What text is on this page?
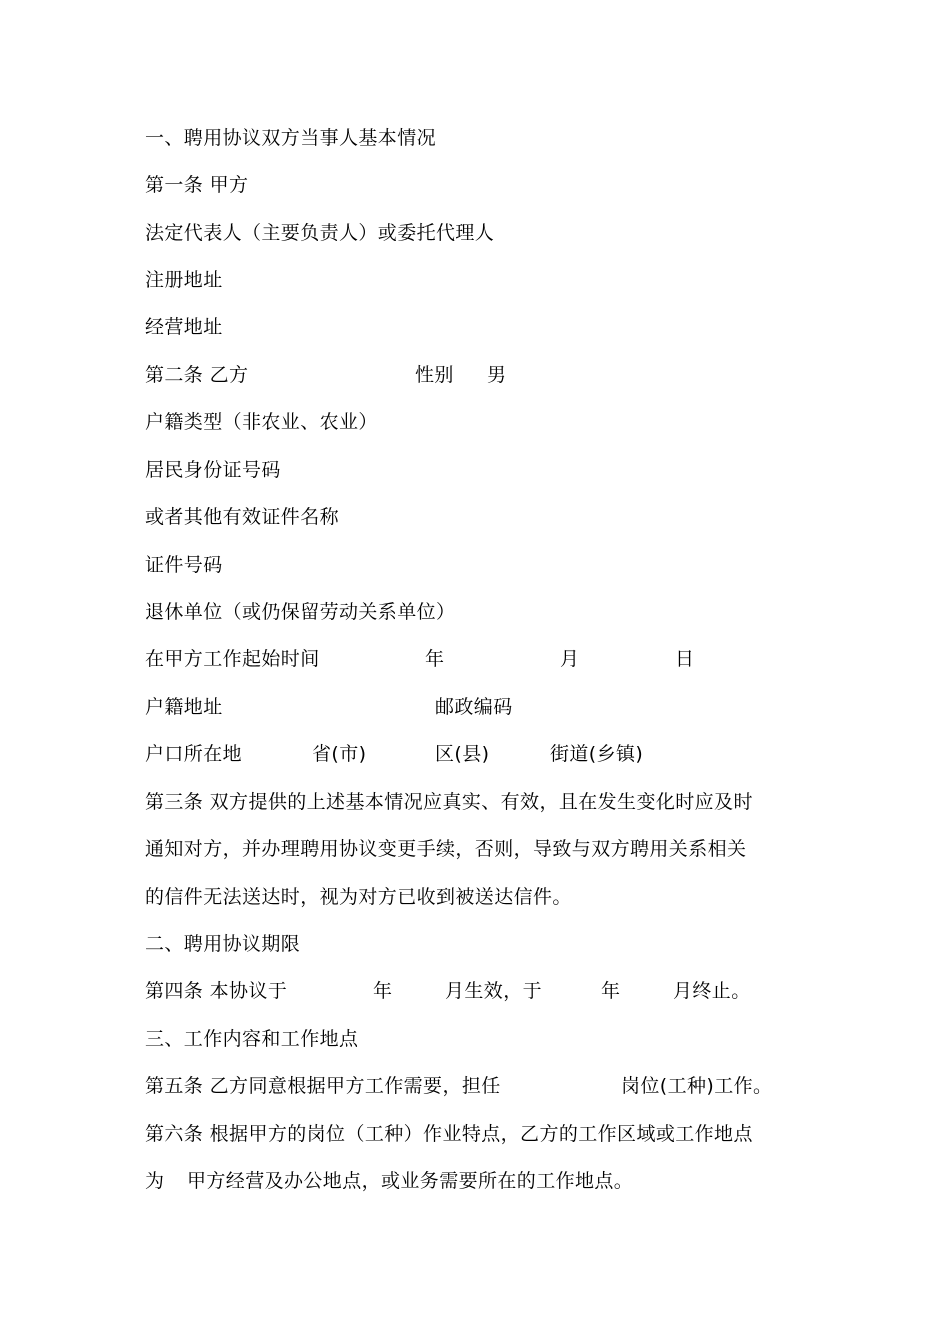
一、聘用协议双方当事人基本情况
第一条 甲方
法定代表人（主要负责人）或委托代理人
注册地址
经营地址
第二条 乙方	性别 男
户籍类型（非农业、农业）
居民身份证号码
或者其他有效证件名称
证件号码
退休单位（或仍保留劳动关系单位）
在甲方工作起始时间	年	月	日
户籍地址	邮政编码
户口所在地	省(市)	区(县)	街道(乡镇)
第三条 双方提供的上述基本情况应真实、有效，且在发生变化时应及时
通知对方，并办理聘用协议变更手续，否则，导致与双方聘用关系相关
的信件无法送达时，视为对方已收到被送达信件。
二、聘用协议期限
第四条 本协议于	年	月生效，于	年	月终止。
三、工作内容和工作地点
第五条 乙方同意根据甲方工作需要，担任	岗位(工种)工作。
第六条 根据甲方的岗位（工种）作业特点，乙方的工作区域或工作地点
为 甲方经营及办公地点，或业务需要所在的工作地点。
